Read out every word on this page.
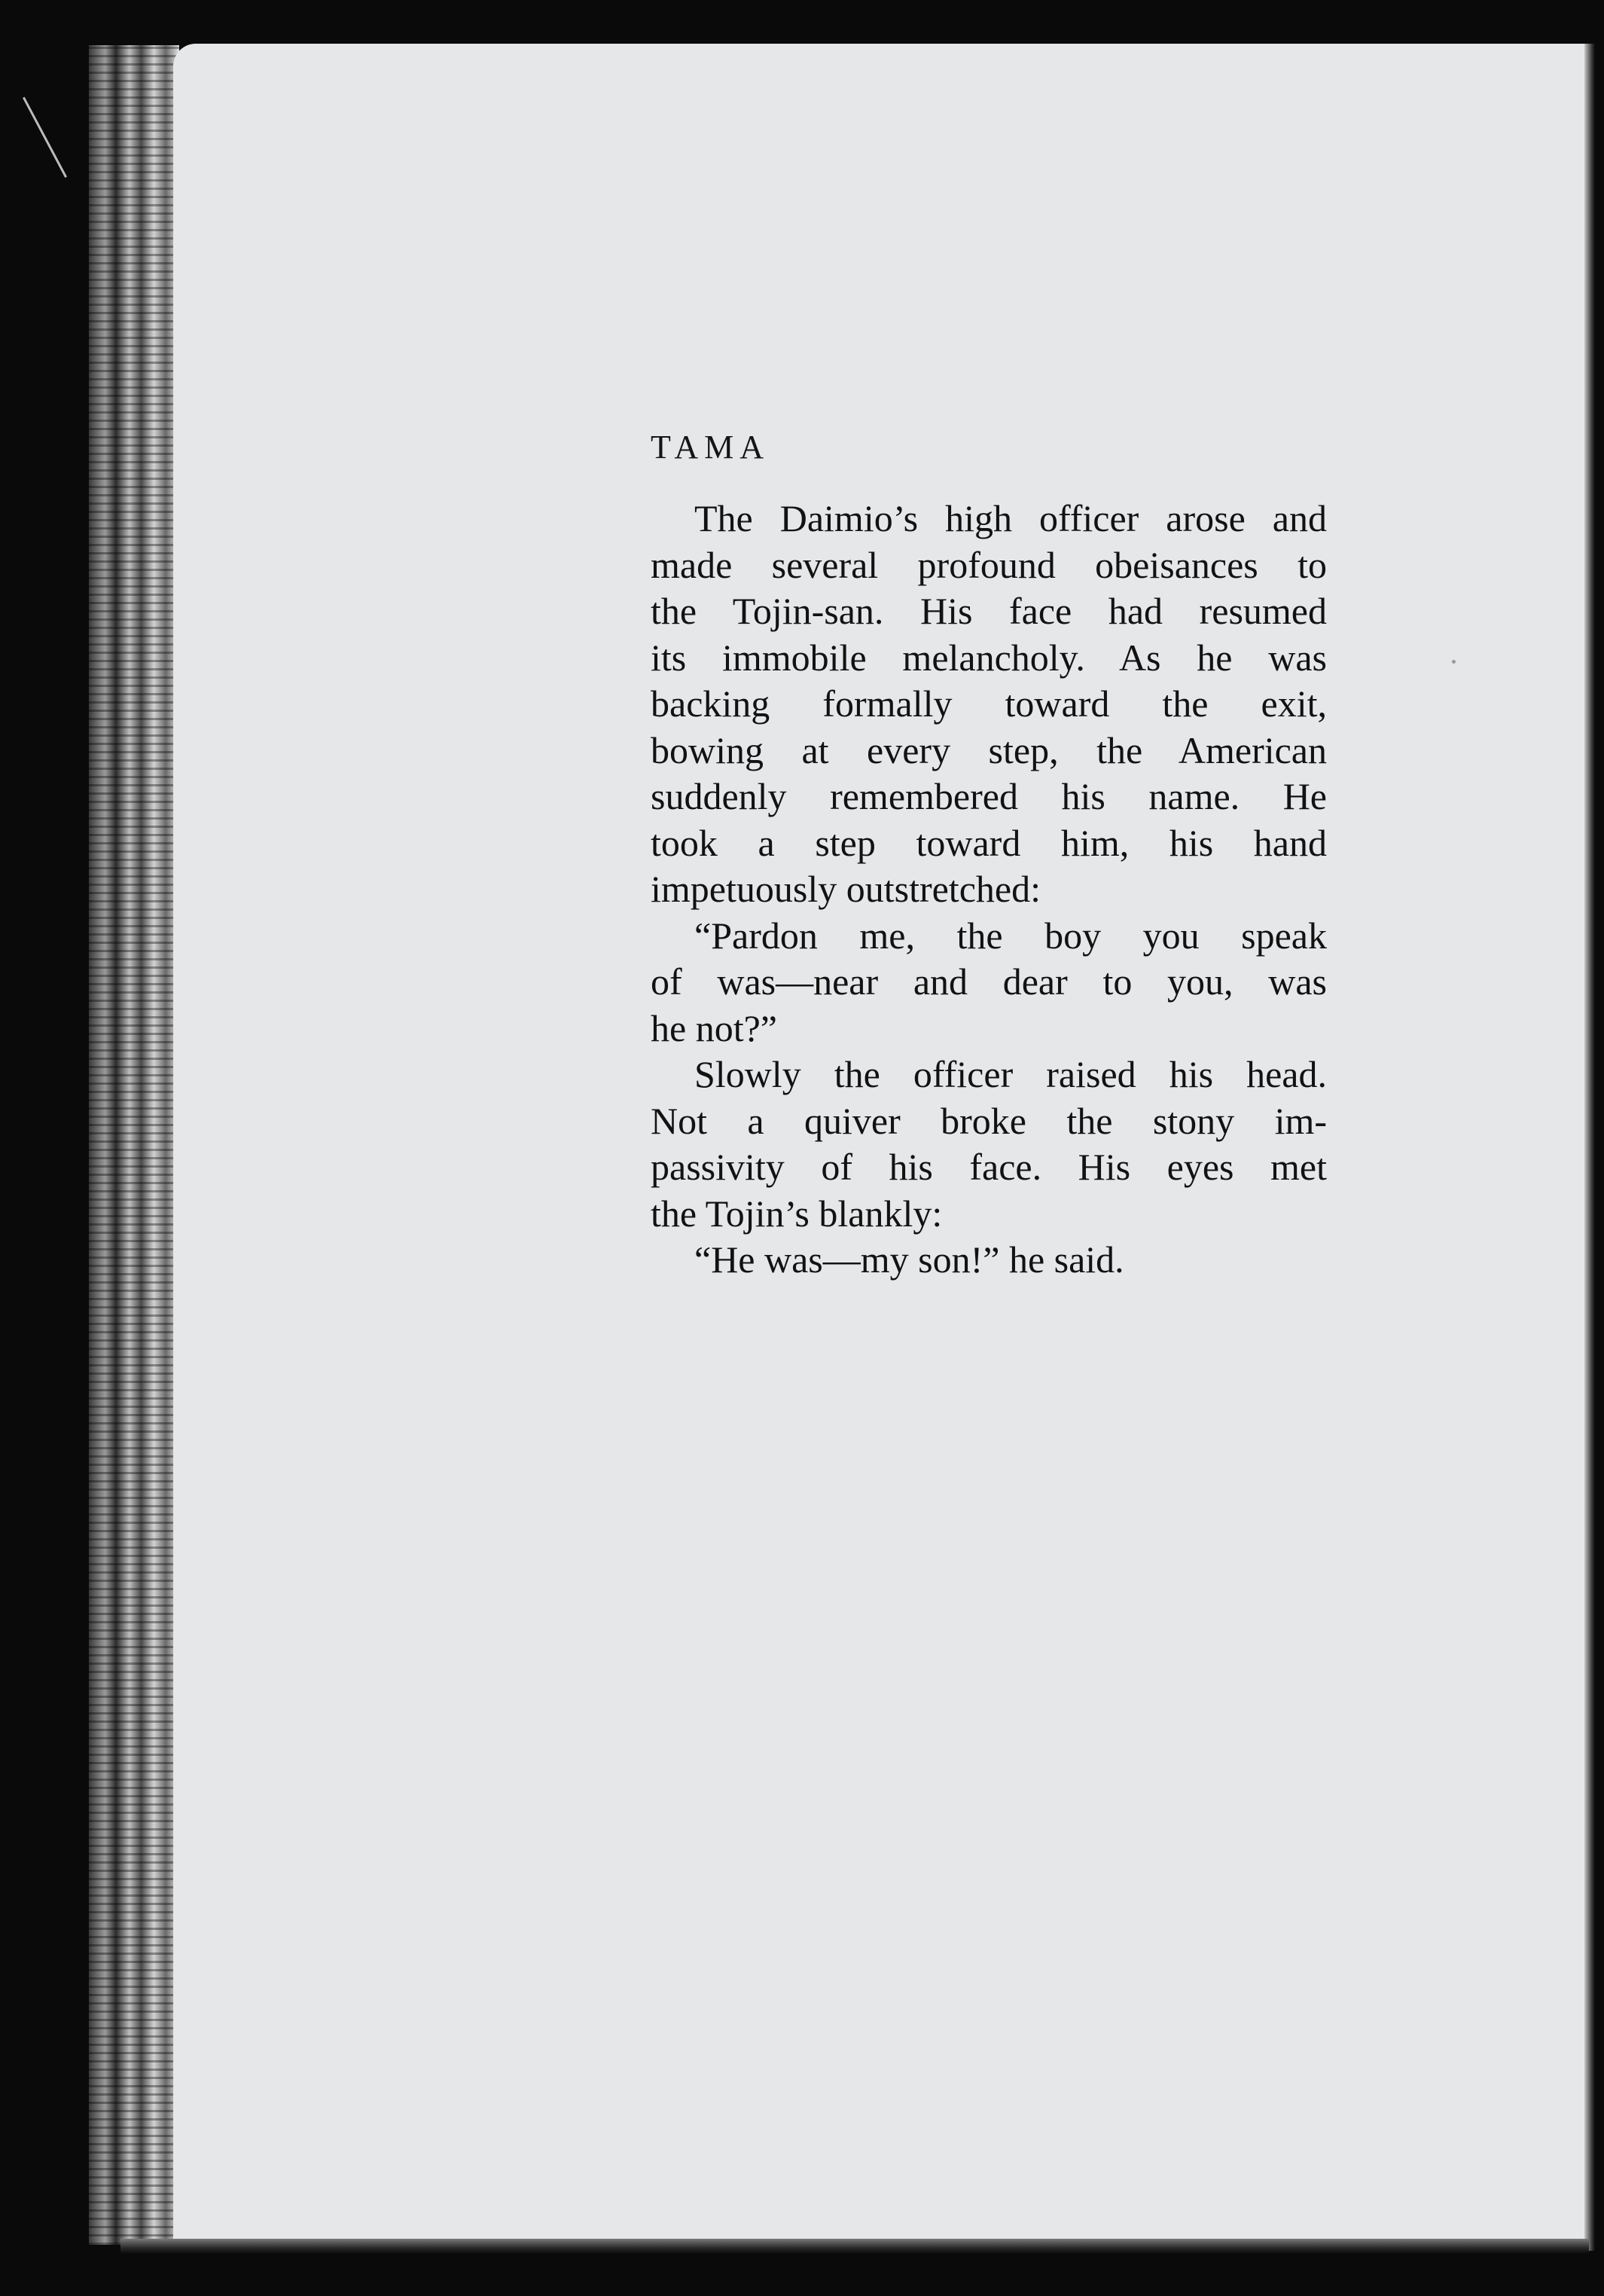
TAMA
The Daimio’s high officer arose and
made several profound obeisances to
the Tojin-san. His face had resumed
its immobile melancholy. As he was
backing formally toward the exit,
bowing at every step, the American
suddenly remembered his name. He
took a step toward him, his hand
impetuously outstretched:
“Pardon me, the boy you speak
of was—near and dear to you, was
he not?”
Slowly the officer raised his head.
Not a quiver broke the stony im-
passivity of his face. His eyes met
the Tojin’s blankly:
“He was—my son!” he said.
